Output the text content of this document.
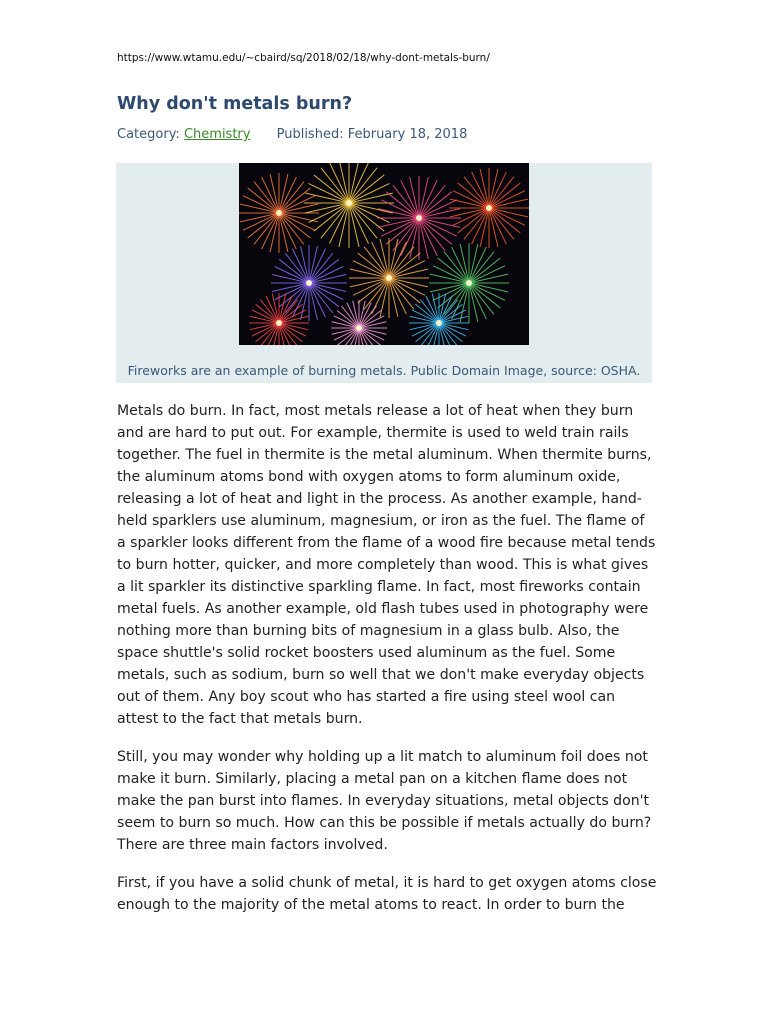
https://www.wtamu.edu/~cbaird/sq/2018/02/18/why-dont-metals-burn/
Why don't metals burn?
Category: Chemistry Published: February 18, 2018
Fireworks are an example of burning metals. Public Domain Image, source: OSHA.

Metals do burn. In fact, most metals release a lot of heat when they burn and are hard to put out. For example, thermite is used to weld train rails together. The fuel in thermite is the metal aluminum. When thermite burns, the aluminum atoms bond with oxygen atoms to form aluminum oxide, releasing a lot of heat and light in the process. As another example, hand-held sparklers use aluminum, magnesium, or iron as the fuel. The flame of a sparkler looks different from the flame of a wood fire because metal tends to burn hotter, quicker, and more completely than wood. This is what gives a lit sparkler its distinctive sparkling flame. In fact, most fireworks contain metal fuels. As another example, old flash tubes used in photography were nothing more than burning bits of magnesium in a glass bulb. Also, the space shuttle's solid rocket boosters used aluminum as the fuel. Some metals, such as sodium, burn so well that we don't make everyday objects out of them. Any boy scout who has started a fire using steel wool can attest to the fact that metals burn.

Still, you may wonder why holding up a lit match to aluminum foil does not make it burn. Similarly, placing a metal pan on a kitchen flame does not make the pan burst into flames. In everyday situations, metal objects don't seem to burn so much. How can this be possible if metals actually do burn? There are three main factors involved.

First, if you have a solid chunk of metal, it is hard to get oxygen atoms close enough to the majority of the metal atoms to react. In order to burn the
